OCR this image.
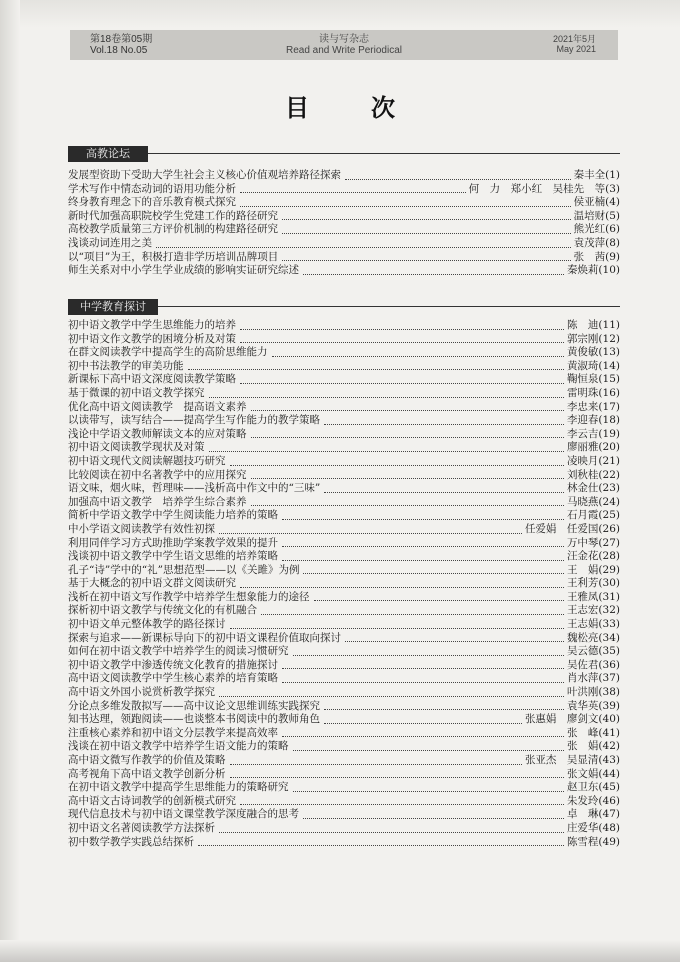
第18卷第05期
Vol.18 No.05
读与写杂志
Read and Write Periodical
2021年5月
May 2021
目次
高教论坛
发展型资助下受助大学生社会主义核心价值观培养路径探索	秦丰全(1)
学术写作中情态动词的语用功能分析	何　力　郑小红　吴桂先　等(3)
终身教育理念下的音乐教育模式探究	侯亚楠(4)
新时代加强高职院校学生党建工作的路径研究	温培财(5)
高校教学质量第三方评价机制的构建路径研究	熊光红(6)
浅谈动词连用之美	袁茂萍(8)
以“项目”为王，积极打造非学历培训品牌项目	张　茜(9)
师生关系对中小学生学业成绩的影响实证研究综述	秦焕莉(10)
中学教育探讨
初中语文教学中学生思维能力的培养	陈　迪(11)
初中语文作文教学的困境分析及对策	郭宗刚(12)
在群文阅读教学中提高学生的高阶思维能力	黄俊敏(13)
初中书法教学的审美功能	黄淑琦(14)
新课标下高中语文深度阅读教学策略	鞠恒泉(15)
基于微课的初中语文教学探究	雷明珠(16)
优化高中语文阅读教学　提高语文素养	李忠来(17)
以读带写，读写结合——提高学生写作能力的教学策略	李迎春(18)
浅论中学语文教师解读文本的应对策略	李云吉(19)
初中语文阅读教学现状及对策	廖丽雅(20)
初中语文现代文阅读解题技巧研究	凌映月(21)
比较阅读在初中名著教学中的应用探究	刘秋桂(22)
语文味，烟火味，哲理味——浅析高中作文中的“三味”	林金仕(23)
加强高中语文教学　培养学生综合素养	马晓燕(24)
简析中学语文教学中学生阅读能力培养的策略	石月霞(25)
中小学语文阅读教学有效性初探	任爱娟　任爱国(26)
利用同伴学习方式助推助学案教学效果的提升	万中琴(27)
浅谈初中语文教学中学生语文思维的培养策略	汪金花(28)
孔子“诗”学中的“礼”思想范型——以《关雎》为例	王　娟(29)
基于大概念的初中语文群文阅读研究	王利芳(30)
浅析在初中语文写作教学中培养学生想象能力的途径	王雅凤(31)
探析初中语文教学与传统文化的有机融合	王志宏(32)
初中语文单元整体教学的路径探讨	王志娟(33)
探索与追求——新课标导向下的初中语文课程价值取向探讨	魏松亮(34)
如何在初中语文教学中培养学生的阅读习惯研究	吴云德(35)
初中语文教学中渗透传统文化教育的措施探讨	吴佐君(36)
高中语文阅读教学中学生核心素养的培育策略	肖水萍(37)
高中语文外国小说赏析教学探究	叶洪刚(38)
分论点多维发散拟写——高中议论文思维训练实践探究	袁华英(39)
知书达理，领跑阅读——也谈整本书阅读中的教师角色	张惠娟　廖剑文(40)
注重核心素养和初中语文分层教学来提高效率	张　峰(41)
浅谈在初中语文教学中培养学生语文能力的策略	张　娟(42)
高中语文微写作教学的价值及策略	张亚杰　吴显清(43)
高考视角下高中语文教学创新分析	张文娟(44)
在初中语文教学中提高学生思维能力的策略研究	赵卫东(45)
高中语文古诗词教学的创新模式研究	朱发玲(46)
现代信息技术与初中语文课堂教学深度融合的思考	卓　琳(47)
初中语文名著阅读教学方法探析	庄爱华(48)
初中数学教学实践总结探析	陈雪程(49)
